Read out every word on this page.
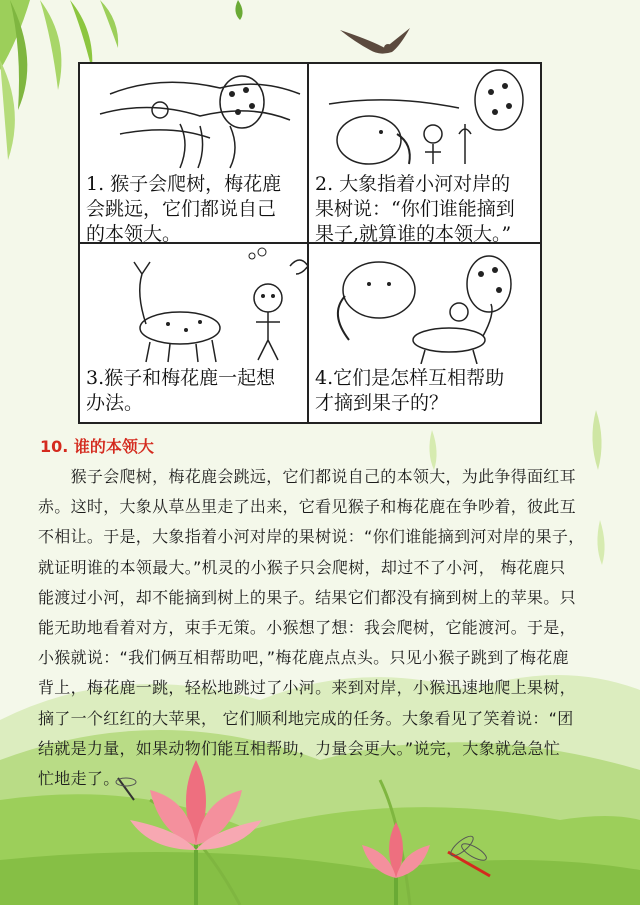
1. 猴子会爬树，梅花鹿
会跳远，它们都说自己
的本领大。
2. 大象指着小河对岸的
果树说：“你们谁能摘到
果子,就算谁的本领大。”
3.猴子和梅花鹿一起想
办法。
4.它们是怎样互相帮助
才摘到果子的？
10. 谁的本领大
　　猴子会爬树，梅花鹿会跳远，它们都说自己的本领大，为此争得面红耳
赤。这时，大象从草丛里走了出来，它看见猴子和梅花鹿在争吵着，彼此互
不相让。于是，大象指着小河对岸的果树说：“你们谁能摘到河对岸的果子，
就证明谁的本领最大。”机灵的小猴子只会爬树，却过不了小河， 梅花鹿只
能渡过小河，却不能摘到树上的果子。结果它们都没有摘到树上的苹果。只
能无助地看着对方，束手无策。小猴想了想：我会爬树，它能渡河。于是，
小猴就说：“我们俩互相帮助吧，”梅花鹿点点头。只见小猴子跳到了梅花鹿
背上，梅花鹿一跳，轻松地跳过了小河。来到对岸，小猴迅速地爬上果树，
摘了一个红红的大苹果， 它们顺利地完成的任务。大象看见了笑着说：“团
结就是力量，如果动物们能互相帮助，力量会更大。”说完，大象就急急忙
忙地走了。
